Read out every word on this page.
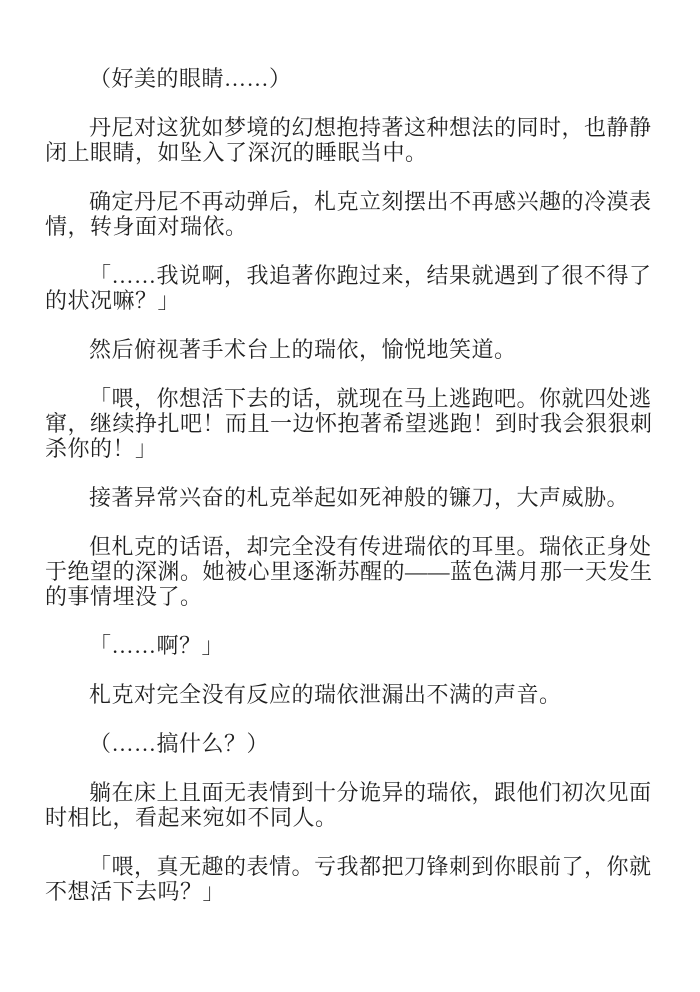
（好美的眼睛……）

丹尼对这犹如梦境的幻想抱持著这种想法的同时，也静静闭上眼睛，如坠入了深沉的睡眠当中。

确定丹尼不再动弹后，札克立刻摆出不再感兴趣的冷漠表情，转身面对瑞依。

「……我说啊，我追著你跑过来，结果就遇到了很不得了的状况嘛？」

然后俯视著手术台上的瑞依，愉悦地笑道。

「喂，你想活下去的话，就现在马上逃跑吧。你就四处逃窜，继续挣扎吧！而且一边怀抱著希望逃跑！到时我会狠狠刺杀你的！」

接著异常兴奋的札克举起如死神般的镰刀，大声威胁。

但札克的话语，却完全没有传进瑞依的耳里。瑞依正身处于绝望的深渊。她被心里逐渐苏醒的——蓝色满月那一天发生的事情埋没了。

「……啊？」

札克对完全没有反应的瑞依泄漏出不满的声音。

（……搞什么？）

躺在床上且面无表情到十分诡异的瑞依，跟他们初次见面时相比，看起来宛如不同人。

「喂，真无趣的表情。亏我都把刀锋刺到你眼前了，你就不想活下去吗？」
